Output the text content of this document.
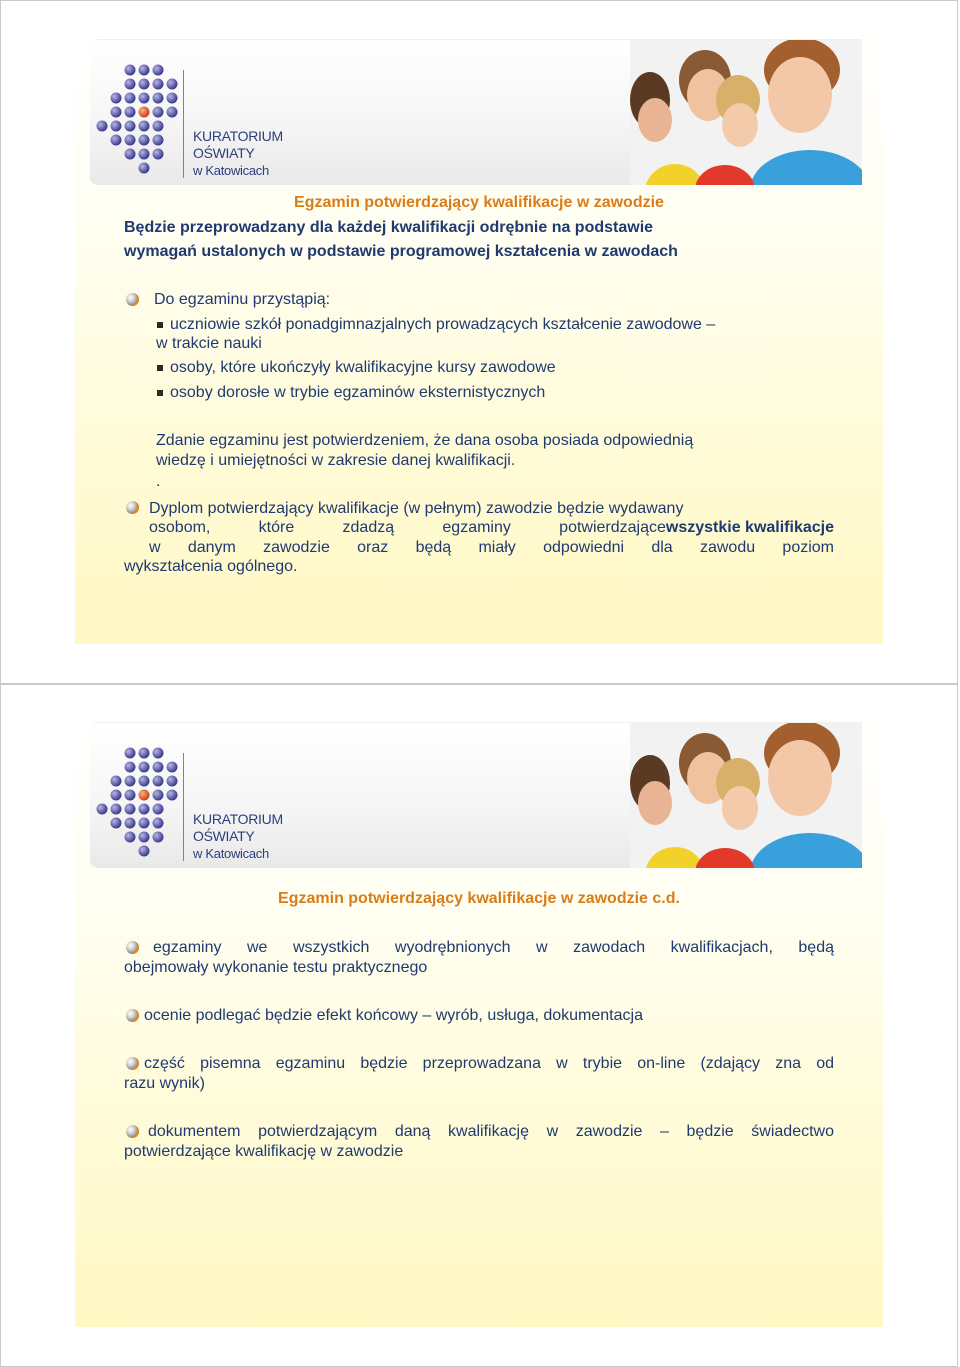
KURATORIUM
OŚWIATY
w Katowicach
Egzamin potwierdzający kwalifikacje w zawodzie
Będzie przeprowadzany dla każdej kwalifikacji odrębnie na podstawie
wymagań ustalonych w podstawie programowej kształcenia w zawodach
Do egzaminu przystąpią:
uczniowie szkół ponadgimnazjalnych prowadzących kształcenie zawodowe –
w trakcie nauki
osoby, które ukończyły kwalifikacyjne kursy zawodowe
osoby dorosłe w trybie egzaminów eksternistycznych
Zdanie egzaminu jest potwierdzeniem, że dana osoba posiada odpowiednią
wiedzę i umiejętności w zakresie danej kwalifikacji.
.
Dyplom potwierdzający kwalifikacje (w pełnym) zawodzie będzie wydawany
osobom, które zdadzą egzaminy potwierdzające wszystkie kwalifikacje
w danym zawodzie oraz będą miały odpowiedni dla zawodu poziom
wykształcenia ogólnego.
KURATORIUM
OŚWIATY
w Katowicach
Egzamin potwierdzający kwalifikacje w zawodzie c.d.
egzaminy we wszystkich wyodrębnionych w zawodach kwalifikacjach, będą
obejmowały wykonanie testu praktycznego
ocenie podlegać będzie efekt końcowy – wyrób, usługa, dokumentacja
część pisemna egzaminu będzie przeprowadzana w trybie on-line (zdający zna od
razu wynik)
dokumentem potwierdzającym daną kwalifikację w zawodzie – będzie świadectwo
potwierdzające kwalifikację w zawodzie
